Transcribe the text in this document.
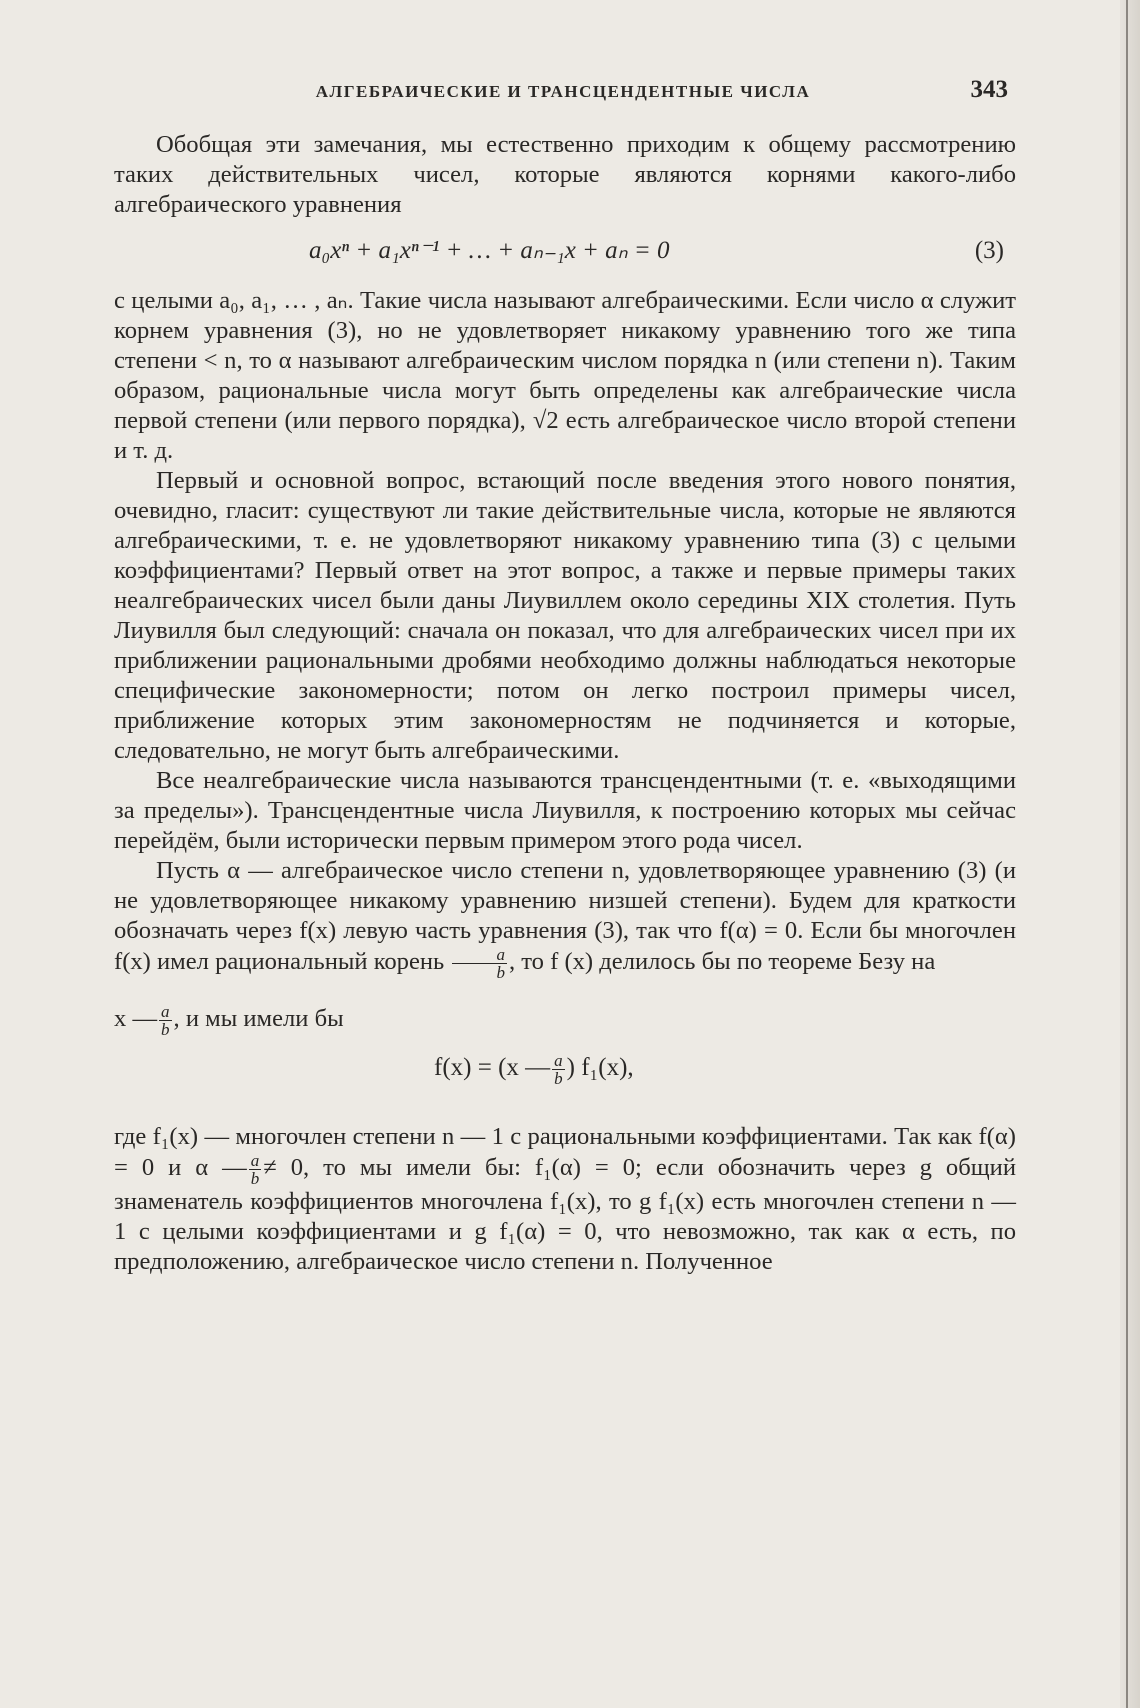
АЛГЕБРАИЧЕСКИЕ И ТРАНСЦЕНДЕНТНЫЕ ЧИСЛА	343

Обобщая эти замечания, мы естественно приходим к общему рассмотрению таких действительных чисел, которые являются корнями какого-либо алгебраического уравнения

a₀xⁿ + a₁xⁿ⁻¹ + … + aₙ₋₁x + aₙ = 0	(3)

с целыми a₀, a₁, … , aₙ. Такие числа называют алгебраическими. Если число α служит корнем уравнения (3), но не удовлетворяет никакому уравнению того же типа степени < n, то α называют алгебраическим числом порядка n (или степени n). Таким образом, рациональные числа могут быть определены как алгебраические числа первой степени (или первого порядка), √2 есть алгебраическое число второй степени и т. д.

Первый и основной вопрос, встающий после введения этого нового понятия, очевидно, гласит: существуют ли такие действительные числа, которые не являются алгебраическими, т. е. не удовлетворяют никакому уравнению типа (3) с целыми коэффициентами? Первый ответ на этот вопрос, а также и первые примеры таких неалгебраических чисел были даны Лиувиллем около середины XIX столетия. Путь Лиувилля был следующий: сначала он показал, что для алгебраических чисел при их приближении рациональными дробями необходимо должны наблюдаться некоторые специфические закономерности; потом он легко построил примеры чисел, приближение которых этим закономерностям не подчиняется и которые, следовательно, не могут быть алгебраическими.

Все неалгебраические числа называются трансцендентными (т. е. «выходящими за пределы»). Трансцендентные числа Лиувилля, к построению которых мы сейчас перейдём, были исторически первым примером этого рода чисел.

Пусть α — алгебраическое число степени n, удовлетворяющее уравнению (3) (и не удовлетворяющее никакому уравнению низшей степени). Будем для краткости обозначать через f(x) левую часть уравнения (3), так что f(α) = 0. Если бы многочлен f(x) имел рациональный корень $\frac{a}{b}$ , то f (x) делилось бы по теореме Безу на

x — $\frac{a}{b}$ , и мы имели бы

f(x) = (x — $\frac{a}{b}$ ) f₁(x),

где f₁(x) — многочлен степени n — 1 с рациональными коэффициентами. Так как f(α) = 0 и α — $\frac{a}{b} \ne 0$, то мы имели бы: f₁(α) = 0; если обозначить через g общий знаменатель коэффициентов многочлена f₁(x), то g f₁(x) есть многочлен степени n — 1 с целыми коэффициентами и g f₁(α) = 0, что невозможно, так как α есть, по предположению, алгебраическое число степени n. Полученное
